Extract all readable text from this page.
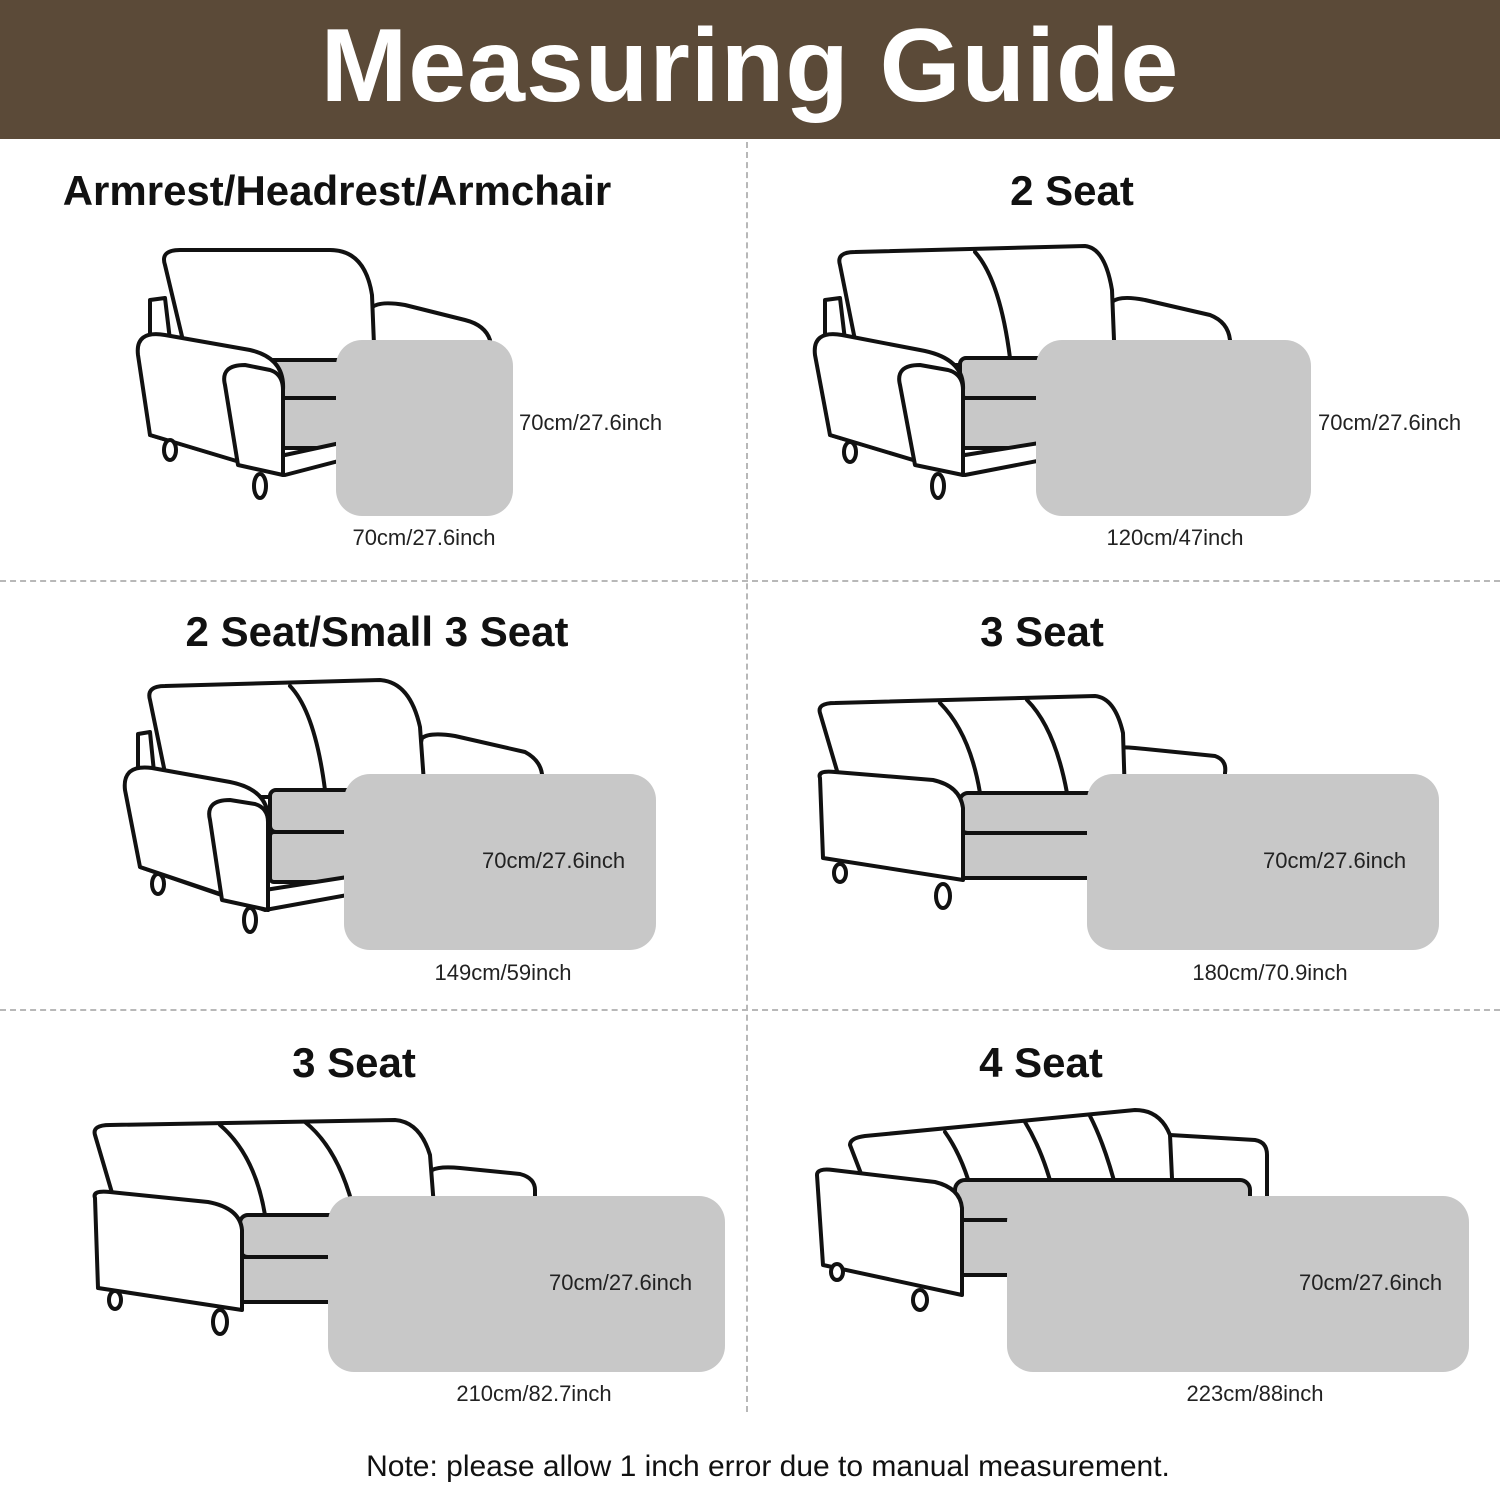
Measuring Guide
Armrest/Headrest/Armchair
70cm/27.6inch
70cm/27.6inch
2 Seat
70cm/27.6inch
120cm/47inch
2 Seat/Small 3 Seat
70cm/27.6inch
149cm/59inch
3 Seat
70cm/27.6inch
180cm/70.9inch
3 Seat
70cm/27.6inch
210cm/82.7inch
4 Seat
70cm/27.6inch
223cm/88inch
Note: please allow 1 inch error due to manual measurement.
